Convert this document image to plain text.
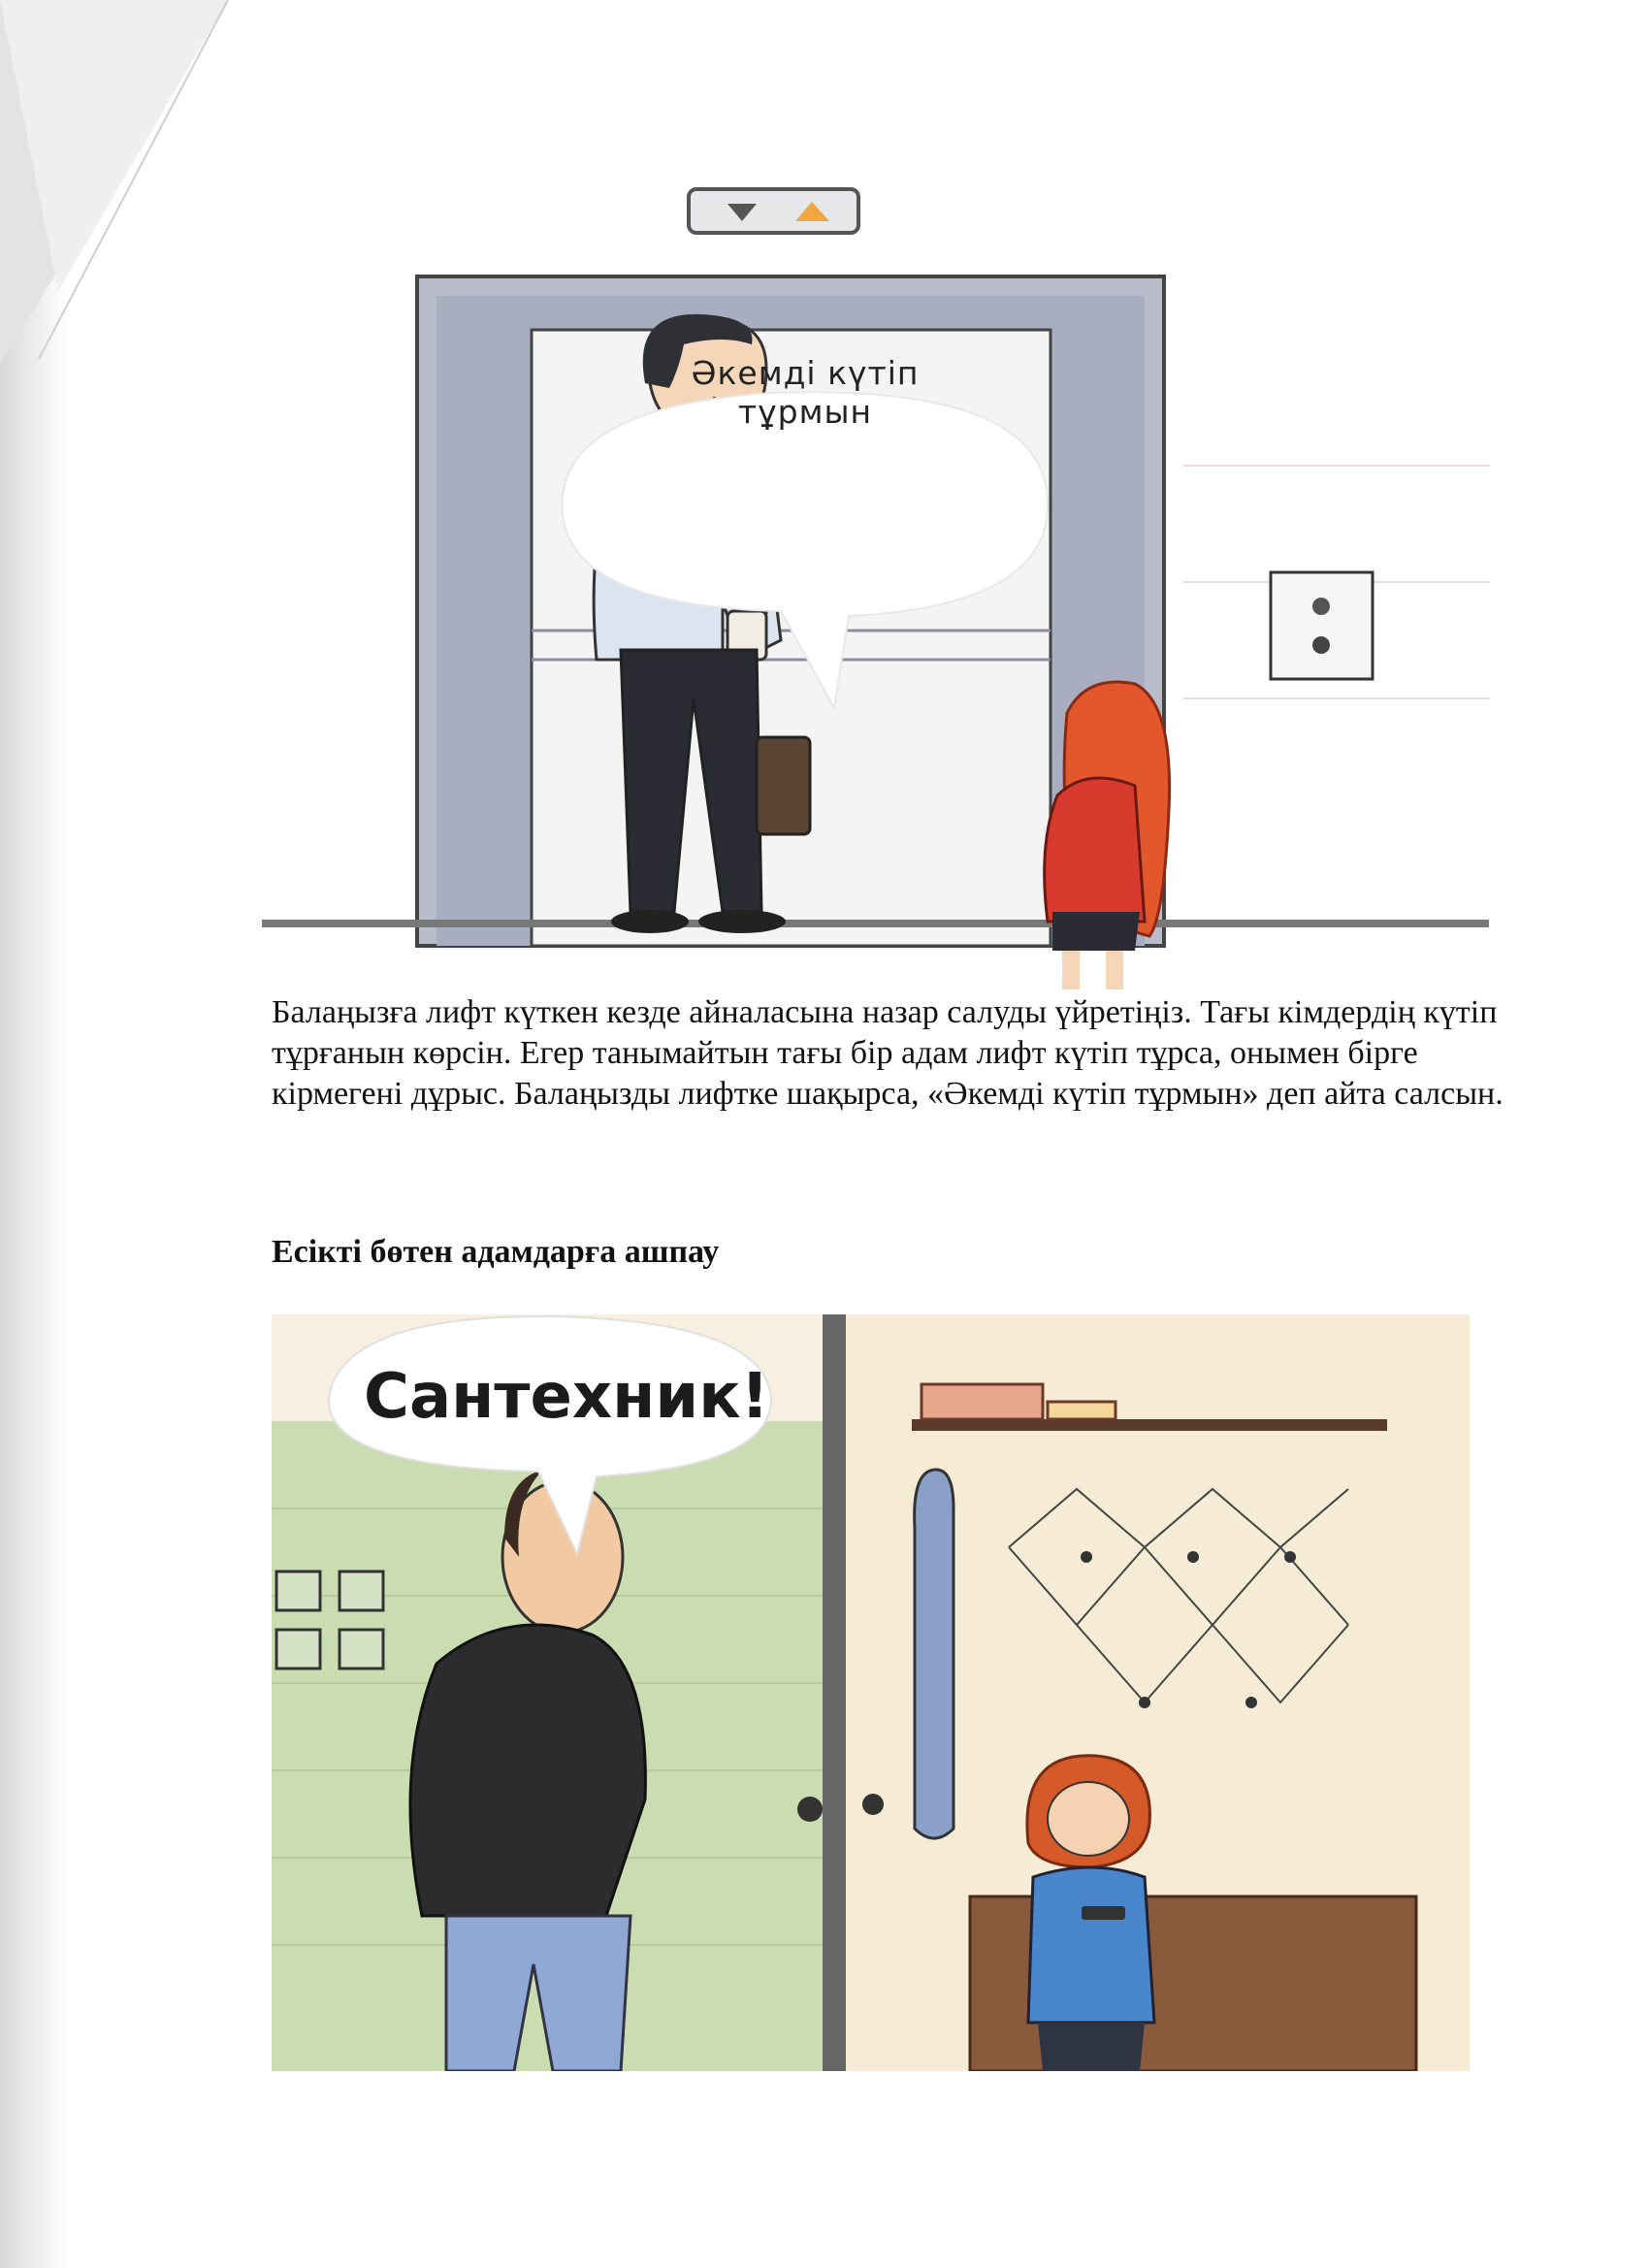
Әкемді күтіп
тұрмын

Балаңызға лифт күткен кезде айналасына назар салуды үйретіңіз. Тағы кімдердің күтіп тұрғанын көрсін. Егер танымайтын тағы бір адам лифт күтіп тұрса, онымен бірге кірмегені дұрыс. Балаңызды лифтке шақырса, «Әкемді күтіп тұрмын» деп айта салсын.

Есікті бөтен адамдарға ашпау
Сантехник!
